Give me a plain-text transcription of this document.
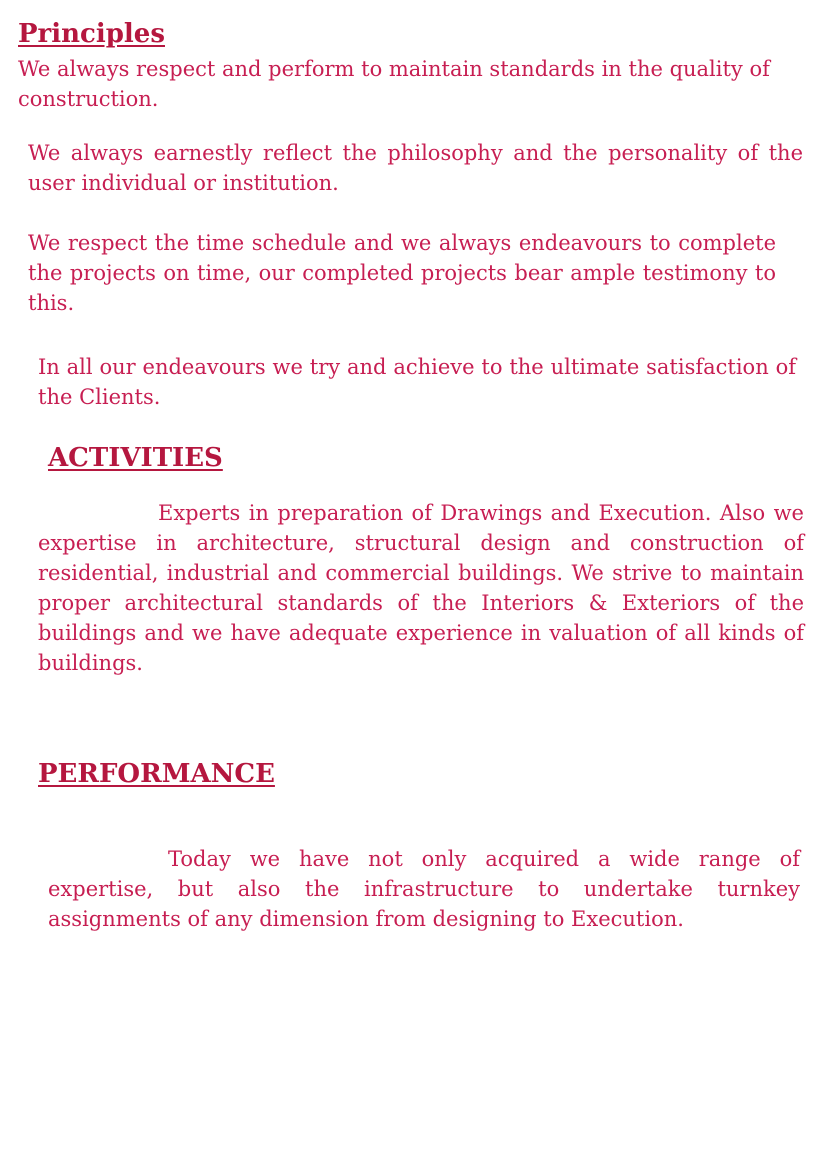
Principles

We always respect and perform to maintain standards in the quality of construction.

We always earnestly reflect the philosophy and the personality of the user individual or institution.

We respect the time schedule and we always endeavours to complete the projects on time, our completed projects bear ample testimony to this.

In all our endeavours we try and achieve to the ultimate satisfaction of the Clients.

ACTIVITIES

Experts in preparation of Drawings and Execution. Also we expertise in architecture, structural design and construction of residential, industrial and commercial buildings. We strive to maintain proper architectural standards of the Interiors & Exteriors of the buildings and we have adequate experience in valuation of all kinds of buildings.

PERFORMANCE

Today we have not only acquired a wide range of expertise, but also the infrastructure to undertake turnkey assignments of any dimension from designing to Execution.
